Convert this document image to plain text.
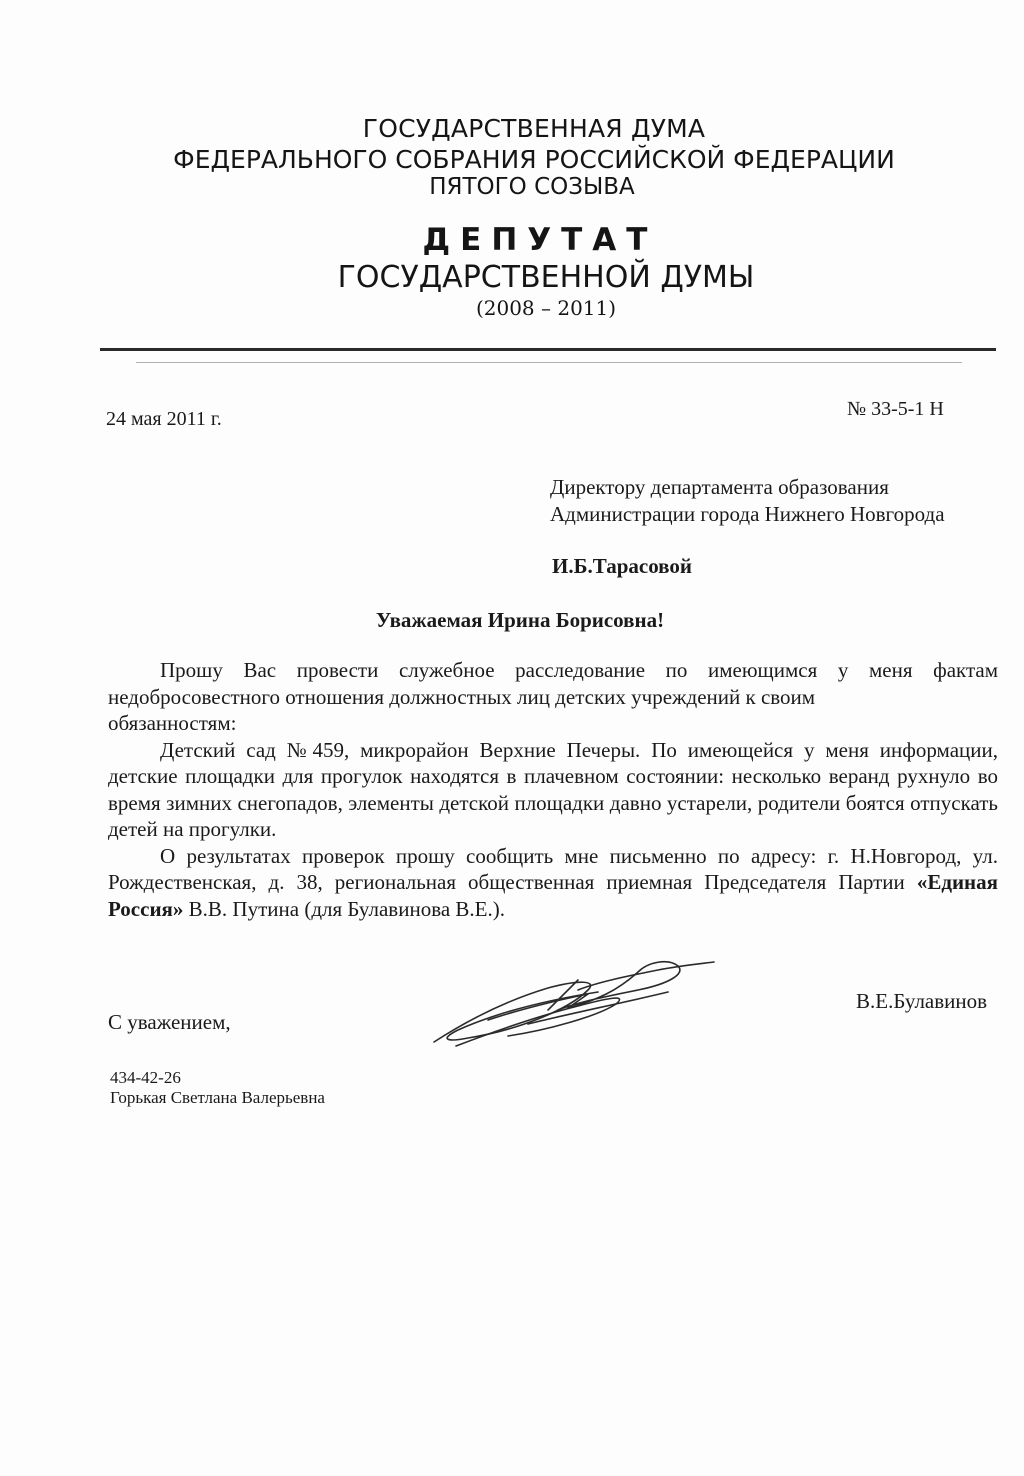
ГОСУДАРСТВЕННАЯ ДУМА
ФЕДЕРАЛЬНОГО СОБРАНИЯ РОССИЙСКОЙ ФЕДЕРАЦИИ
ПЯТОГО СОЗЫВА
ДЕПУТАТ
ГОСУДАРСТВЕННОЙ ДУМЫ
(2008 – 2011)
24 мая 2011 г.	№ 33-5-1 Н
Директору департамента образования
Администрации города Нижнего Новгорода
И.Б.Тарасовой
Уважаемая Ирина Борисовна!

Прошу Вас провести служебное расследование по имеющимся у меня фактам недобросовестного отношения должностных лиц детских учреждений к своим

обязанностям:

Детский сад №459, микрорайон Верхние Печеры. По имеющейся у меня информации, детские площадки для прогулок находятся в плачевном состоянии: несколько веранд рухнуло во время зимних снегопадов, элементы детской площадки давно устарели, родители боятся отпускать детей на прогулки.

О результатах проверок прошу сообщить мне письменно по адресу: г. Н.Новгород, ул. Рождественская, д. 38, региональная общественная приемная Председателя Партии «Единая Россия» В.В. Путина (для Булавинова В.Е.).

С уважением,
В.Е.Булавинов
434-42-26
Горькая Светлана Валерьевна
